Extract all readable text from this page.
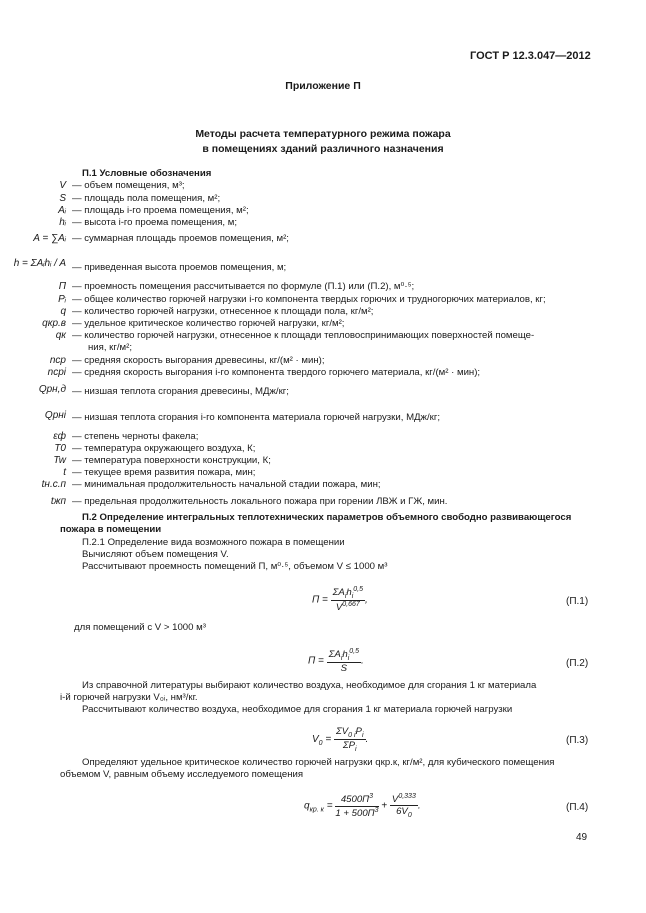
ГОСТ Р 12.3.047—2012
Приложение П
Методы расчета температурного режима пожара
в помещениях зданий различного назначения
П.1 Условные обозначения
V — объем помещения, м³;
S — площадь пола помещения, м²;
Aᵢ — площадь i-го проема помещения, м²;
hᵢ — высота i-го проема помещения, м;
A = ∑Aᵢ — суммарная площадь проемов помещения, м²;
h = ΣAᵢhᵢ / A — приведенная высота проемов помещения, м;
П — проемность помещения рассчитывается по формуле (П.1) или (П.2), м⁰·⁵;
Pᵢ — общее количество горючей нагрузки i-го компонента твердых горючих и трудногорючих материалов, кг;
q — количество горючей нагрузки, отнесенное к площади пола, кг/м²;
qкр.в — удельное критическое количество горючей нагрузки, кг/м²;
qк — количество горючей нагрузки, отнесенное к площади тепловоспринимающих поверхностей помеще-
ния, кг/м²;
nср — средняя скорость выгорания древесины, кг/(м² · мин);
nсрi — средняя скорость выгорания i-го компонента твердого горючего материала, кг/(м² · мин);
Qрн,д — низшая теплота сгорания древесины, МДж/кг;
Qрнi — низшая теплота сгорания i-го компонента материала горючей нагрузки, МДж/кг;
εф — степень черноты факела;
T0 — температура окружающего воздуха, К;
Tw — температура поверхности конструкции, К;
t — текущее время развития пожара, мин;
tн.с.п — минимальная продолжительность начальной стадии пожара, мин;
tжп — предельная продолжительность локального пожара при горении ЛВЖ и ГЖ, мин.
П.2 Определение интегральных теплотехнических параметров объемного свободно развивающегося
пожара в помещении
П.2.1 Определение вида возможного пожара в помещении
Вычисляют объем помещения V.
Рассчитывают проемность помещений П, м⁰·⁵, объемом V ≤ 1000 м³
$П = \frac{\Sigma A_ih_i^{0,5}}{V^{0,667}}$ ,	(П.1)
для помещений с V > 1000 м³
$П = \frac{\Sigma A_ih_i^{0,5}}{S}$ .	(П.2)
Из справочной литературы выбирают количество воздуха, необходимое для сгорания 1 кг материала
i-й горючей нагрузки V₀ᵢ, нм³/кг.
Рассчитывают количество воздуха, необходимое для сгорания 1 кг материала горючей нагрузки
$V_0 = \frac{\Sigma V_{0 i}P_i}{\Sigma P_i}$ .	(П.3)
Определяют удельное критическое количество горючей нагрузки qкр.к, кг/м², для кубического помещения
объемом V, равным объему исследуемого помещения
$q_{кр. к} = \frac{4500П^3}{1 + 500П^3} + \frac{V^{0,333}}{6V_0}$ .	(П.4)
49
